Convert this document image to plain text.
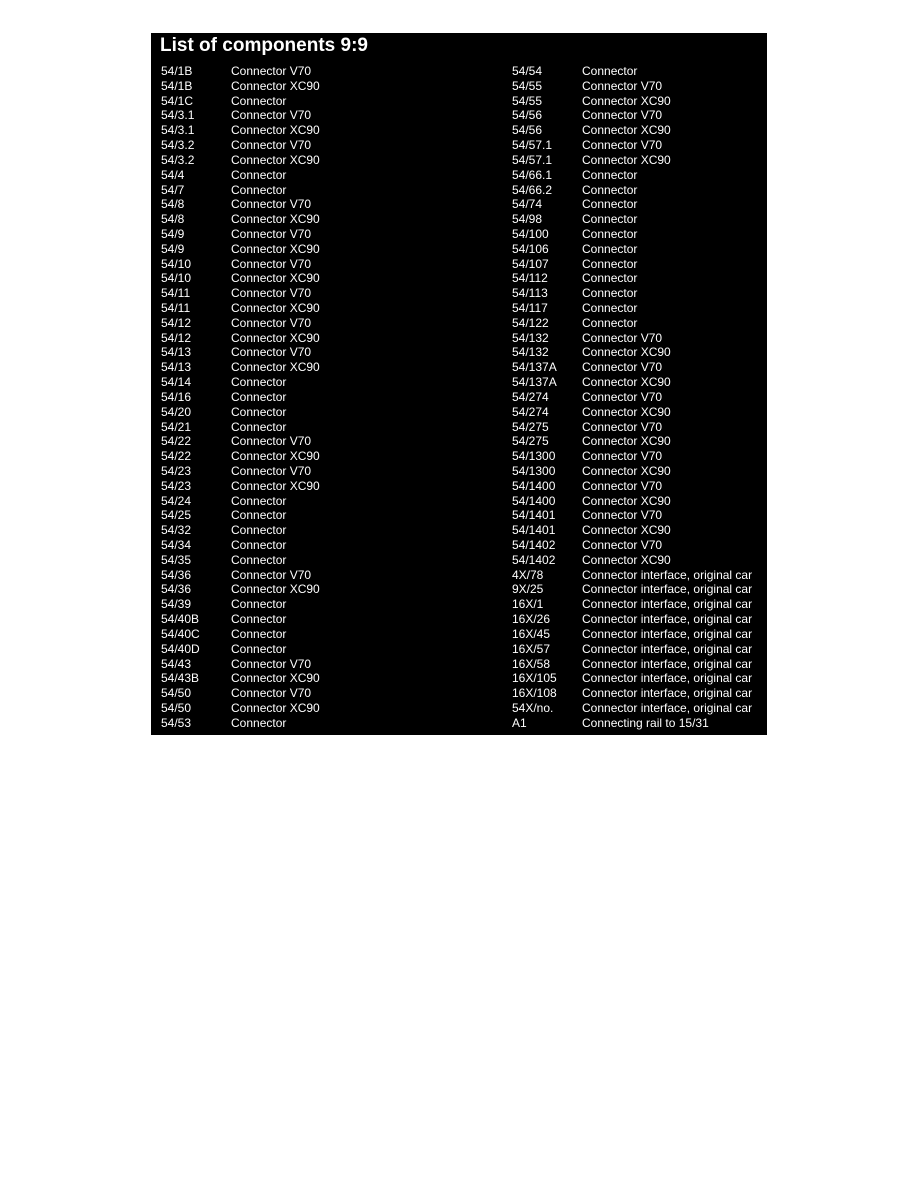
List of components 9:9
54/1B	Connector V70
54/1B	Connector XC90
54/1C	Connector
54/3.1	Connector V70
54/3.1	Connector XC90
54/3.2	Connector V70
54/3.2	Connector XC90
54/4	Connector
54/7	Connector
54/8	Connector V70
54/8	Connector XC90
54/9	Connector V70
54/9	Connector XC90
54/10	Connector V70
54/10	Connector XC90
54/11	Connector V70
54/11	Connector XC90
54/12	Connector V70
54/12	Connector XC90
54/13	Connector V70
54/13	Connector XC90
54/14	Connector
54/16	Connector
54/20	Connector
54/21	Connector
54/22	Connector V70
54/22	Connector XC90
54/23	Connector V70
54/23	Connector XC90
54/24	Connector
54/25	Connector
54/32	Connector
54/34	Connector
54/35	Connector
54/36	Connector V70
54/36	Connector XC90
54/39	Connector
54/40B	Connector
54/40C	Connector
54/40D	Connector
54/43	Connector V70
54/43B	Connector XC90
54/50	Connector V70
54/50	Connector XC90
54/53	Connector
54/54	Connector
54/55	Connector V70
54/55	Connector XC90
54/56	Connector V70
54/56	Connector XC90
54/57.1	Connector V70
54/57.1	Connector XC90
54/66.1	Connector
54/66.2	Connector
54/74	Connector
54/98	Connector
54/100	Connector
54/106	Connector
54/107	Connector
54/112	Connector
54/113	Connector
54/117	Connector
54/122	Connector
54/132	Connector V70
54/132	Connector XC90
54/137A	Connector V70
54/137A	Connector XC90
54/274	Connector V70
54/274	Connector XC90
54/275	Connector V70
54/275	Connector XC90
54/1300	Connector V70
54/1300	Connector XC90
54/1400	Connector V70
54/1400	Connector XC90
54/1401	Connector V70
54/1401	Connector XC90
54/1402	Connector V70
54/1402	Connector XC90
4X/78	Connector interface, original car
9X/25	Connector interface, original car
16X/1	Connector interface, original car
16X/26	Connector interface, original car
16X/45	Connector interface, original car
16X/57	Connector interface, original car
16X/58	Connector interface, original car
16X/105	Connector interface, original car
16X/108	Connector interface, original car
54X/no.	Connector interface, original car
A1	Connecting rail to 15/31
